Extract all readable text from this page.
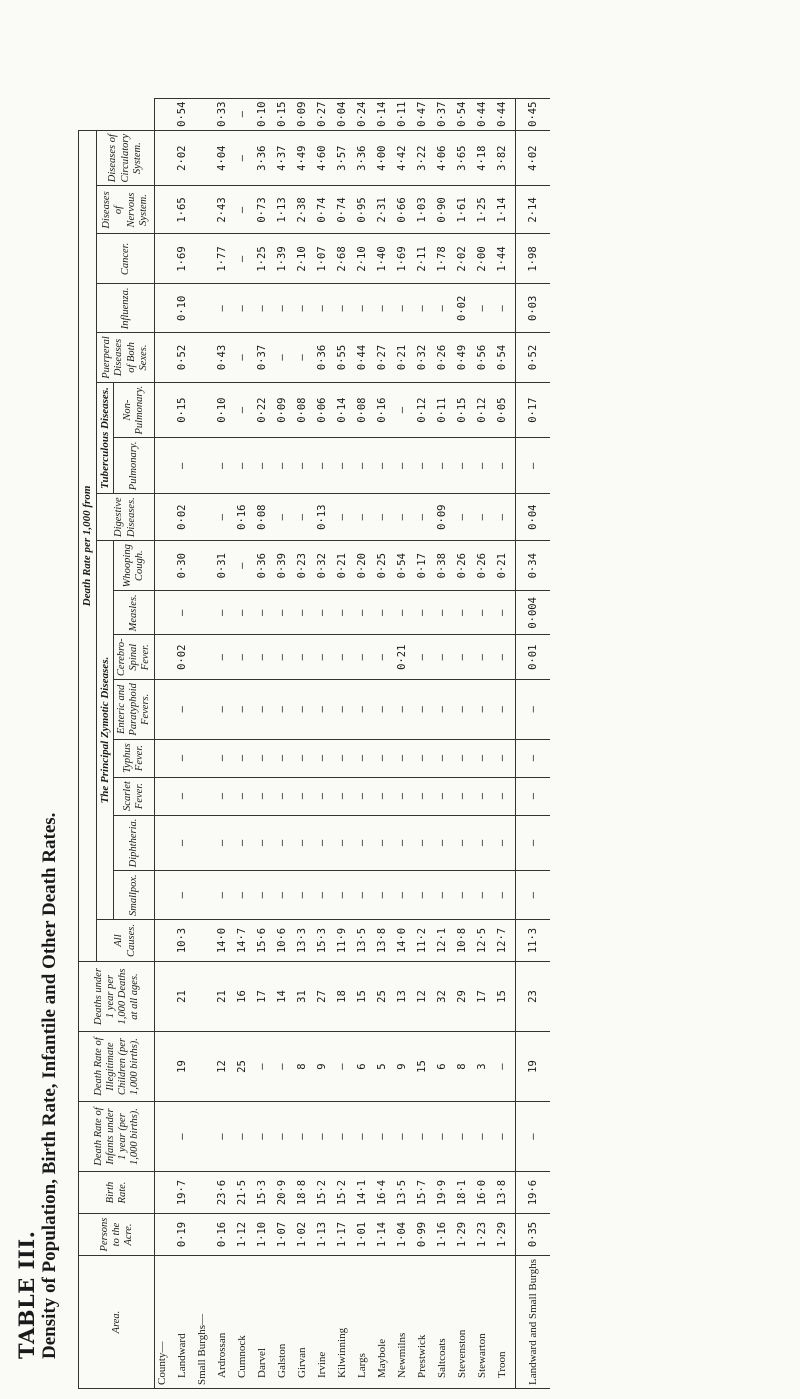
TABLE III. Density of Population, Birth Rate, Infantile and Other Death Rates.	Area.	Persons to the Acre.	Birth Rate.	Death Rate of Infants under 1 year (per 1,000 births).	Death Rate of Illegitimate Children (per 1,000 births).	Deaths under 1 year per 1,000 Deaths at all ages.	Death Rate per 1,000 from																	
						All Causes.	The Principal Zymotic Diseases.								Digestive Diseases.	Tuberculous Diseases.		Puerperal Diseases of Both Sexes.	Influenza.	Cancer.	Diseases of Nervous System.	Diseases of Circulatory System.	
							Smallpox.	Diphtheria.	Scarlet Fever.	Typhus Fever.	Enteric and Paratyphoid Fevers.	Cerebro-Spinal Fever.	Measles.	Whooping Cough.		Pulmonary.	Non-Pulmonary.						
County—																							
Landward	0·19	19·7	—	19	21	10·3	—	—	—	—	—	0·02	—	0·30	0·02	—	0·15	0·52	0·10	1·69	1·65	2·02	0·54
Small Burghs—																							
Ardrossan	0·16	23·6	—	12	21	14·0	—	—	—	—	—	—	—	0·31	—	—	0·10	0·43	—	1·77	2·43	4·04	0·33
Cumnock	1·12	21·5	—	25	16	14·7	—	—	—	—	—	—	—	—	0·16	—	—	—	—	—	—	—	—
Darvel	1·10	15·3	—	—	17	15·6	—	—	—	—	—	—	—	0·36	0·08	—	0·22	0·37	—	1·25	0·73	3·36	0·10
Galston	1·07	20·9	—	—	14	10·6	—	—	—	—	—	—	—	0·39	—	—	0·09	—	—	1·39	1·13	4·37	0·15
Girvan	1·02	18·8	—	8	31	13·3	—	—	—	—	—	—	—	0·23	—	—	0·08	—	—	2·10	2·38	4·49	0·09
Irvine	1·13	15·2	—	9	27	15·3	—	—	—	—	—	—	—	0·32	0·13	—	0·06	0·36	—	1·07	0·74	4·60	0·27
Kilwinning	1·17	15·2	—	—	18	11·9	—	—	—	—	—	—	—	0·21	—	—	0·14	0·55	—	2·68	0·74	3·57	0·04
Largs	1·01	14·1	—	6	15	13·5	—	—	—	—	—	—	—	0·20	—	—	0·08	0·44	—	2·10	0·95	3·36	0·24
Maybole	1·14	16·4	—	5	25	13·8	—	—	—	—	—	—	—	0·25	—	—	0·16	0·27	—	1·40	2·31	4·00	0·14
Newmilns	1·04	13·5	—	9	13	14·0	—	—	—	—	—	0·21	—	0·54	—	—	—	0·21	—	1·69	0·66	4·42	0·11
Prestwick	0·99	15·7	—	15	12	11·2	—	—	—	—	—	—	—	0·17	—	—	0·12	0·32	—	2·11	1·03	3·22	0·47
Saltcoats	1·16	19·9	—	6	32	12·1	—	—	—	—	—	—	—	0·38	0·09	—	0·11	0·26	—	1·78	0·90	4·06	0·37
Stevenston	1·29	18·1	—	8	29	10·8	—	—	—	—	—	—	—	0·26	—	—	0·15	0·49	0·02	2·02	1·61	3·65	0·54
Stewarton	1·23	16·0	—	3	17	12·5	—	—	—	—	—	—	—	0·26	—	—	0·12	0·56	—	2·00	1·25	4·18	0·44
Troon	1·29	13·8	—	—	15	12·7	—	—	—	—	—	—	—	0·21	—	—	0·05	0·54	—	1·44	1·14	3·82	0·44
Landward and Small Burghs	0·35	19·6	—	19	23	11·3	—	—	—	—	—	0·01	0·004	0·34	0·04	—	0·17	0·52	0·03	1·98	2·14	4·02	0·45
